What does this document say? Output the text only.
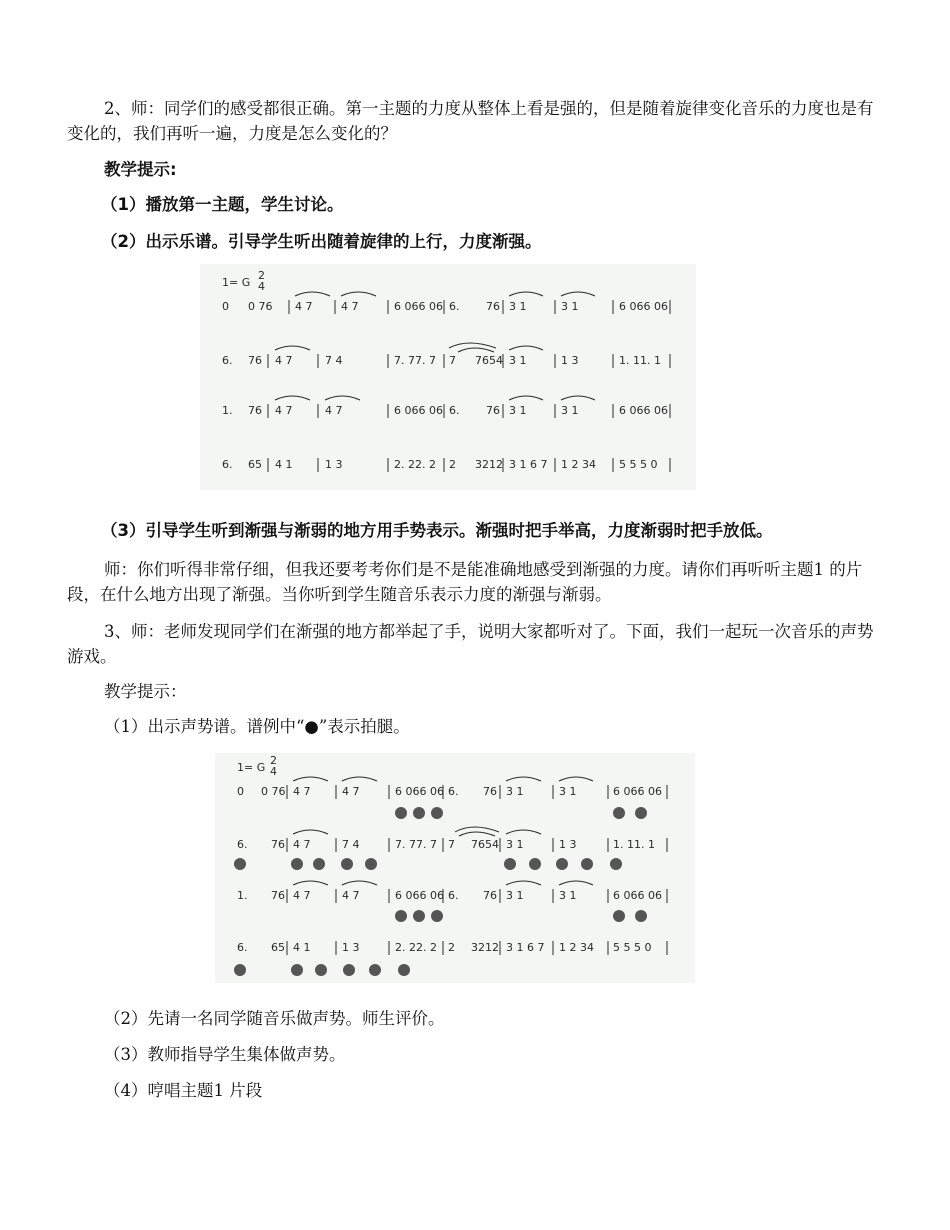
2、师：同学们的感受都很正确。第一主题的力度从整体上看是强的，但是随着旋律变化音乐的力度也是有变化的，我们再听一遍，力度是怎么变化的？
教学提示:
（1）播放第一主题，学生讨论。
（2）出示乐谱。引导学生听出随着旋律的上行，力度渐强。
1= G
2
4
0 0 76 4 7	4 7	6 066 06 6. 76 3 1	3 1	6 066 06
6. 76 4 7	7 4	7. 77. 7 7 7654 3 1	1 3	1. 11. 1
1. 76 4 7	4 7	6 066 06 6. 76 3 1	3 1	6 066 06
6. 65 4 1	1 3	2. 22. 2 2 3212 3 1 6 7 1 2 34 5 5 5 0
（3）引导学生听到渐强与渐弱的地方用手势表示。渐强时把手举高，力度渐弱时把手放低。
师：你们听得非常仔细，但我还要考考你们是不是能准确地感受到渐强的力度。请你们再听听主题1 的片段，在什么地方出现了渐强。当你听到学生随音乐表示力度的渐强与渐弱。
3、师：老师发现同学们在渐强的地方都举起了手，说明大家都听对了。下面，我们一起玩一次音乐的声势游戏。
教学提示：
（1）出示声势谱。谱例中“●”表示拍腿。
1= G
2
4
0 0 76 4 7	4 7	6 066 06 6. 76 3 1	3 1	6 066 06
6. 76 4 7	7 4	7. 77. 7 7 7654 3 1	1 3	1. 11. 1
1. 76 4 7	4 7	6 066 06 6. 76 3 1	3 1	6 066 06
6. 65 4 1	1 3	2. 22. 2 2 3212 3 1 6 7 1 2 34 5 5 5 0
（2）先请一名同学随音乐做声势。师生评价。
（3）教师指导学生集体做声势。
（4）哼唱主题1 片段
